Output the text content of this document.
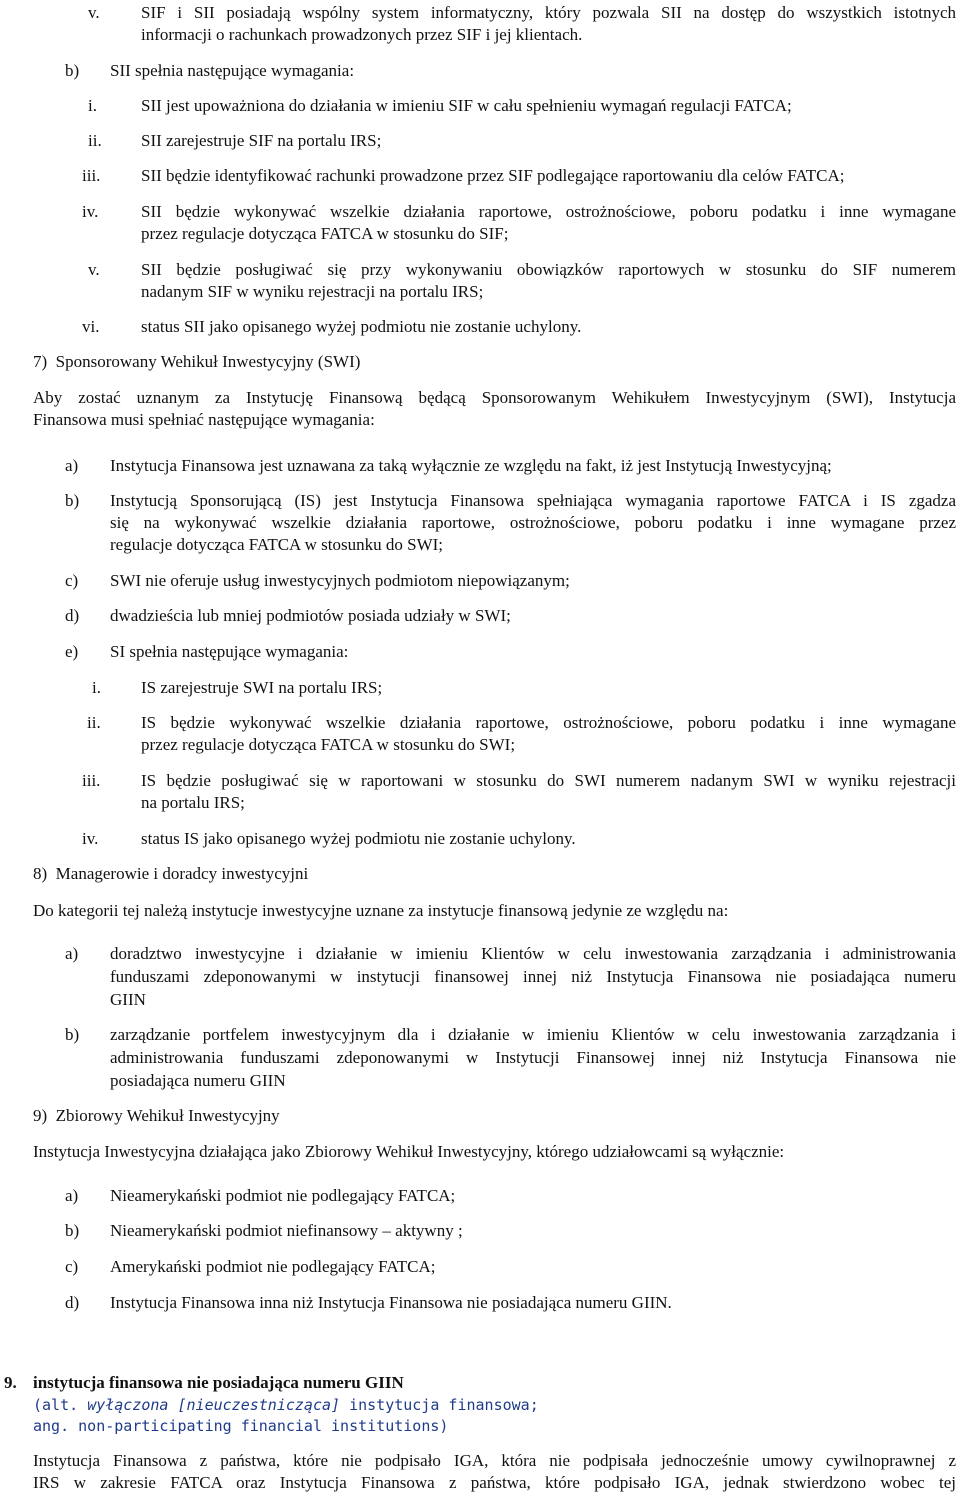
v. SIF i SII posiadają wspólny system informatyczny, który pozwala SII na dostęp do wszystkich istotnych
informacji o rachunkach prowadzonych przez SIF i jej klientach.
b) SII spełnia następujące wymagania:
i.	SII jest upoważniona do działania w imieniu SIF w cału spełnieniu wymagań regulacji FATCA;
ii. SII zarejestruje SIF na portalu IRS;
iii. SII będzie identyfikować rachunki prowadzone przez SIF podlegające raportowaniu dla celów FATCA;
iv.	SII będzie wykonywać wszelkie działania raportowe, ostrożnościowe, poboru podatku i inne wymagane
przez regulacje dotycząca FATCA w stosunku do SIF;
v. SII będzie posługiwać się przy wykonywaniu obowiązków raportowych w stosunku do SIF numerem
nadanym SIF w wyniku rejestracji na portalu IRS;
vi. status SII jako opisanego wyżej podmiotu nie zostanie uchylony.
7)  Sponsorowany Wehikuł Inwestycyjny (SWI)
Aby zostać uznanym za Instytucję Finansową będącą Sponsorowanym Wehikułem Inwestycyjnym (SWI), Instytucja
Finansowa musi spełniać następujące wymagania:
a) Instytucja Finansowa jest uznawana za taką wyłącznie ze względu na fakt, iż jest Instytucją Inwestycyjną;
b) Instytucją Sponsorującą (IS) jest Instytucja Finansowa spełniająca wymagania raportowe FATCA i IS zgadza
się na wykonywać wszelkie działania raportowe, ostrożnościowe, poboru podatku i inne wymagane przez
regulacje dotycząca FATCA w stosunku do SWI;
c) SWI nie oferuje usług inwestycyjnych podmiotom niepowiązanym;
d) dwadzieścia lub mniej podmiotów posiada udziały w SWI;
e) SI spełnia następujące wymagania:
i. IS zarejestruje SWI na portalu IRS;
ii. IS będzie wykonywać wszelkie działania raportowe, ostrożnościowe, poboru podatku i inne wymagane
przez regulacje dotycząca FATCA w stosunku do SWI;
iii. IS będzie posługiwać się w raportowani w stosunku do SWI numerem nadanym SWI w wyniku rejestracji
na portalu IRS;
iv.	status IS jako opisanego wyżej podmiotu nie zostanie uchylony.
8)  Managerowie i doradcy inwestycyjni
Do kategorii tej należą instytucje inwestycyjne uznane za instytucje finansową jedynie ze względu na:
a) doradztwo inwestycyjne i działanie w imieniu Klientów w celu inwestowania zarządzania i administrowania
funduszami zdeponowanymi w instytucji finansowej innej niż Instytucja Finansowa nie posiadająca numeru
GIIN
b) zarządzanie portfelem inwestycyjnym dla i działanie w imieniu Klientów w celu inwestowania zarządzania i
administrowania funduszami zdeponowanymi w Instytucji Finansowej innej niż Instytucja Finansowa nie
posiadająca numeru GIIN
9)  Zbiorowy Wehikuł Inwestycyjny
Instytucja Inwestycyjna działająca jako Zbiorowy Wehikuł Inwestycyjny, którego udziałowcami są wyłącznie:
a) Nieamerykański podmiot nie podlegający FATCA;
b) Nieamerykański podmiot niefinansowy – aktywny ;
c) Amerykański podmiot nie podlegający FATCA;
d) Instytucja Finansowa inna niż Instytucja Finansowa nie posiadająca numeru GIIN.
9. instytucja finansowa nie posiadająca numeru GIIN
(alt. wyłączona [nieuczestnicząca] instytucja finansowa;
ang. non-participating financial institutions)
Instytucja Finansowa z państwa, które nie podpisało IGA, która nie podpisała jednocześnie umowy cywilnoprawnej z
IRS w zakresie FATCA oraz Instytucja Finansowa z państwa, które podpisało IGA, jednak stwierdzono wobec tej
